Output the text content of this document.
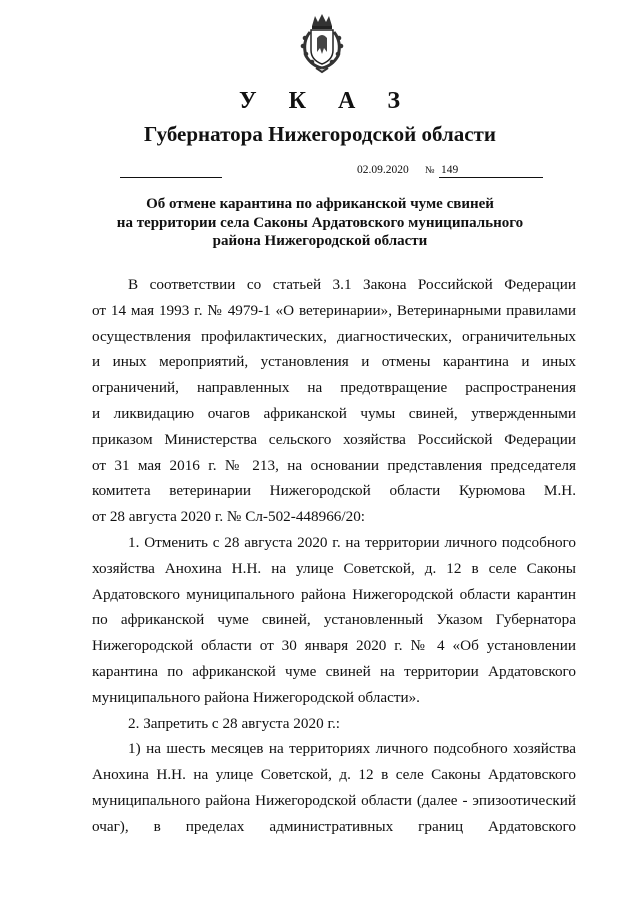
У К А З
Губернатора Нижегородской области
02.09.2020 № 149
Об отмене карантина по африканской чуме свиней
на территории села Саконы Ардатовского муниципального
района Нижегородской области
В соответствии со статьей 3.1 Закона Российской Федерации
от 14 мая 1993 г. № 4979-1 «О ветеринарии», Ветеринарными правилами
осуществления профилактических, диагностических, ограничительных
и иных мероприятий, установления и отмены карантина и иных
ограничений, направленных на предотвращение распространения
и ликвидацию очагов африканской чумы свиней, утвержденными
приказом Министерства сельского хозяйства Российской Федерации
от 31 мая 2016 г. № 213, на основании представления председателя
комитета ветеринарии Нижегородской области Курюмова М.Н.
от 28 августа 2020 г. № Сл-502-448966/20:
1. Отменить с 28 августа 2020 г. на территории личного подсобного
хозяйства Анохина Н.Н. на улице Советской, д. 12 в селе Саконы
Ардатовского муниципального района Нижегородской области карантин
по африканской чуме свиней, установленный Указом Губернатора
Нижегородской области от 30 января 2020 г. № 4 «Об установлении
карантина по африканской чуме свиней на территории Ардатовского
муниципального района Нижегородской области».
2. Запретить с 28 августа 2020 г.:
1) на шесть месяцев на территориях личного подсобного хозяйства
Анохина Н.Н. на улице Советской, д. 12 в селе Саконы Ардатовского
муниципального района Нижегородской области (далее - эпизоотический
очаг), в пределах административных границ Ардатовского
